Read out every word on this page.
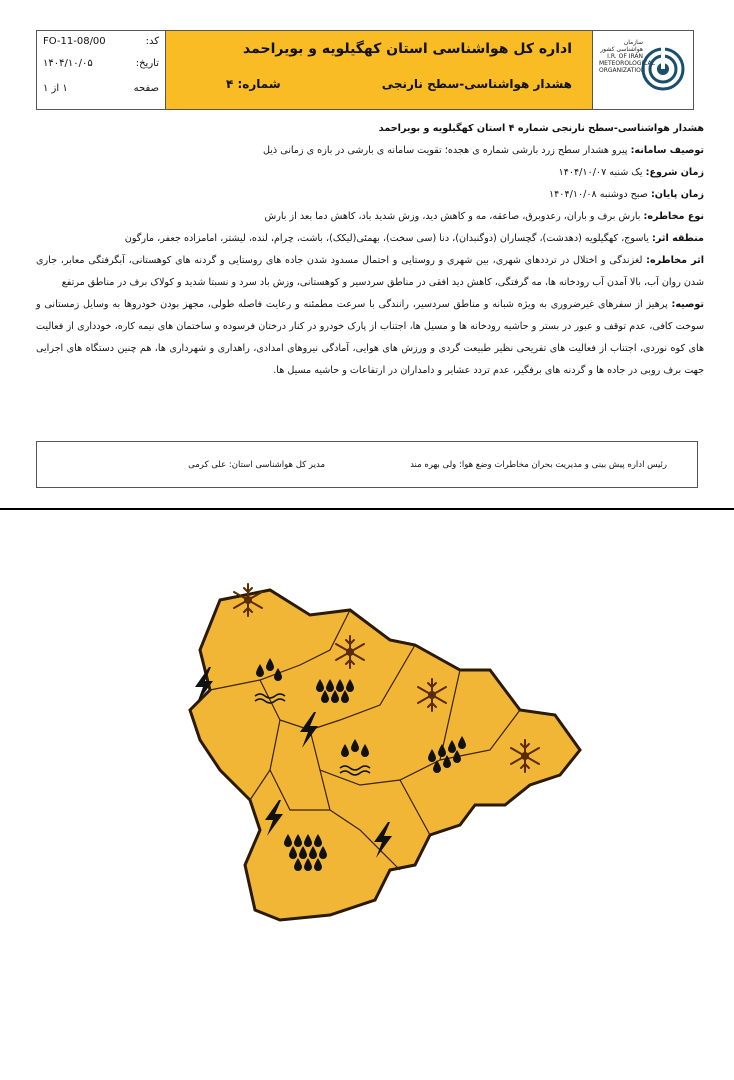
کد:
FO-11-08/00
تاریخ:
۱۴۰۴/۱۰/۰۵
صفحه
۱ از ۱
اداره کل هواشناسی استان کهگیلویه و بویراحمد
هشدار هواشناسی-سطح نارنجی
شماره: ۴
سازمان هواشناسی کشور
I.R. OF IRAN
METEOROLOGICAL
ORGANIZATION

هشدار هواشناسی-سطح نارنجی شماره ۴ استان کهگیلویه و بویراحمد

توصیف سامانه: پیرو هشدار سطح زرد بارشی شماره ی هجده؛ تقویت سامانه ی بارشی در بازه ی زمانی ذیل

زمان شروع: یک شنبه ۱۴۰۴/۱۰/۰۷

زمان پایان: صبح دوشنبه ۱۴۰۴/۱۰/۰۸

نوع مخاطره: بارش برف و باران، رعدوبرق، صاعقه، مه و کاهش دید، وزش شدید باد، کاهش دما بعد از بارش

منطقه اثر: یاسوج، کهگیلویه (دهدشت)، گچساران (دوگنبدان)، دنا (سی سخت)، بهمئی(لیکک)، باشت، چرام، لنده، لیشتر، امامزاده جعفر، مارگون

اثر مخاطره: لغزندگی و اختلال در ترددهای شهری، بین شهری و روستایی و احتمال مسدود شدن جاده های روستایی و گردنه های کوهستانی، آبگرفتگی معابر، جاری شدن روان آب، بالا آمدن آب رودخانه ها، مه گرفتگی، کاهش دید افقی در مناطق سردسیر و کوهستانی، وزش باد سرد و نسبتا شدید و کولاک برف در مناطق مرتفع

توصیه: پرهیز از سفرهای غیرضروری به ویژه شبانه و مناطق سردسیر، رانندگی با سرعت مطمئنه و رعایت فاصله طولی، مجهز بودن خودروها به وسایل زمستانی و سوخت کافی، عدم توقف و عبور در بستر و حاشیه رودخانه ها و مسیل ها، اجتناب از پارک خودرو در کنار درختان فرسوده و ساختمان های نیمه کاره، خودداری از فعالیت های کوه نوردی، اجتناب از فعالیت های تفریحی نظیر طبیعت گردی و ورزش های هوایی، آمادگی نیروهای امدادی، راهداری و شهرداری ها، هم چنین دستگاه های اجرایی جهت برف روبی در جاده ها و گردنه های برفگیر، عدم تردد عشایر و دامداران در ارتفاعات و حاشیه مسیل ها.

رئیس اداره پیش بینی و مدیریت بحران مخاطرات وضع هوا: ولی بهره مند
مدیر کل هواشناسی استان: علی کرمی
